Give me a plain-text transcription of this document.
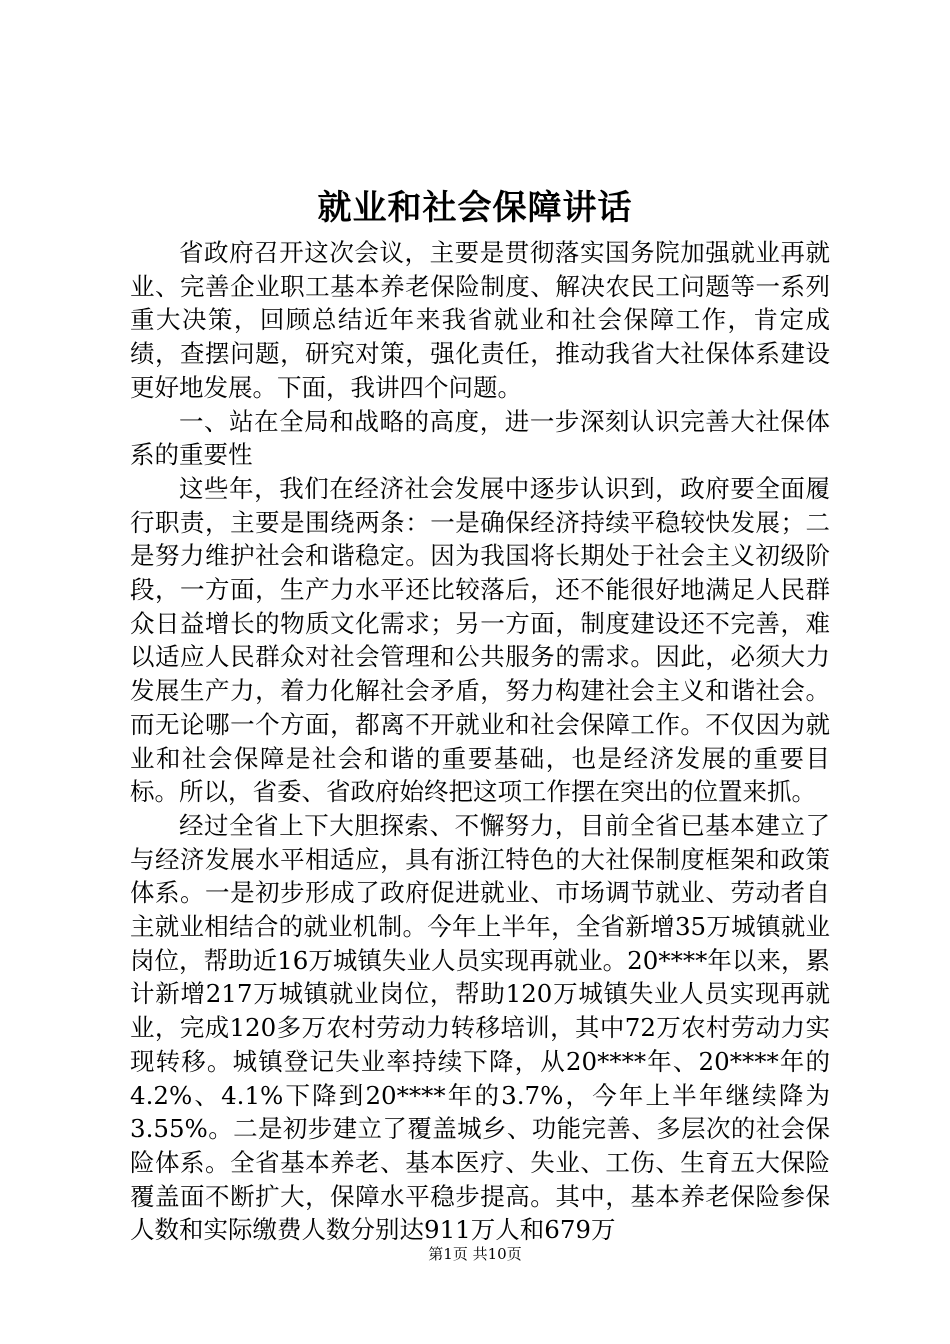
就业和社会保障讲话

省政府召开这次会议，主要是贯彻落实国务院加强就业再就业、完善企业职工基本养老保险制度、解决农民工问题等一系列重大决策，回顾总结近年来我省就业和社会保障工作，肯定成绩，查摆问题，研究对策，强化责任，推动我省大社保体系建设更好地发展。下面，我讲四个问题。

一、站在全局和战略的高度，进一步深刻认识完善大社保体系的重要性

这些年，我们在经济社会发展中逐步认识到，政府要全面履行职责，主要是围绕两条：一是确保经济持续平稳较快发展；二是努力维护社会和谐稳定。因为我国将长期处于社会主义初级阶段，一方面，生产力水平还比较落后，还不能很好地满足人民群众日益增长的物质文化需求；另一方面，制度建设还不完善，难以适应人民群众对社会管理和公共服务的需求。因此，必须大力发展生产力，着力化解社会矛盾，努力构建社会主义和谐社会。而无论哪一个方面，都离不开就业和社会保障工作。不仅因为就业和社会保障是社会和谐的重要基础，也是经济发展的重要目标。所以，省委、省政府始终把这项工作摆在突出的位置来抓。

经过全省上下大胆探索、不懈努力，目前全省已基本建立了与经济发展水平相适应，具有浙江特色的大社保制度框架和政策体系。一是初步形成了政府促进就业、市场调节就业、劳动者自主就业相结合的就业机制。今年上半年，全省新增35万城镇就业岗位，帮助近16万城镇失业人员实现再就业。20****年以来，累计新增217万城镇就业岗位，帮助120万城镇失业人员实现再就业，完成120多万农村劳动力转移培训，其中72万农村劳动力实现转移。城镇登记失业率持续下降，从20****年、20****年的4.2%、4.1%下降到20****年的3.7%，今年上半年继续降为3.55%。二是初步建立了覆盖城乡、功能完善、多层次的社会保险体系。全省基本养老、基本医疗、失业、工伤、生育五大保险覆盖面不断扩大，保障水平稳步提高。其中，基本养老保险参保人数和实际缴费人数分别达911万人和679万

第1页 共10页
